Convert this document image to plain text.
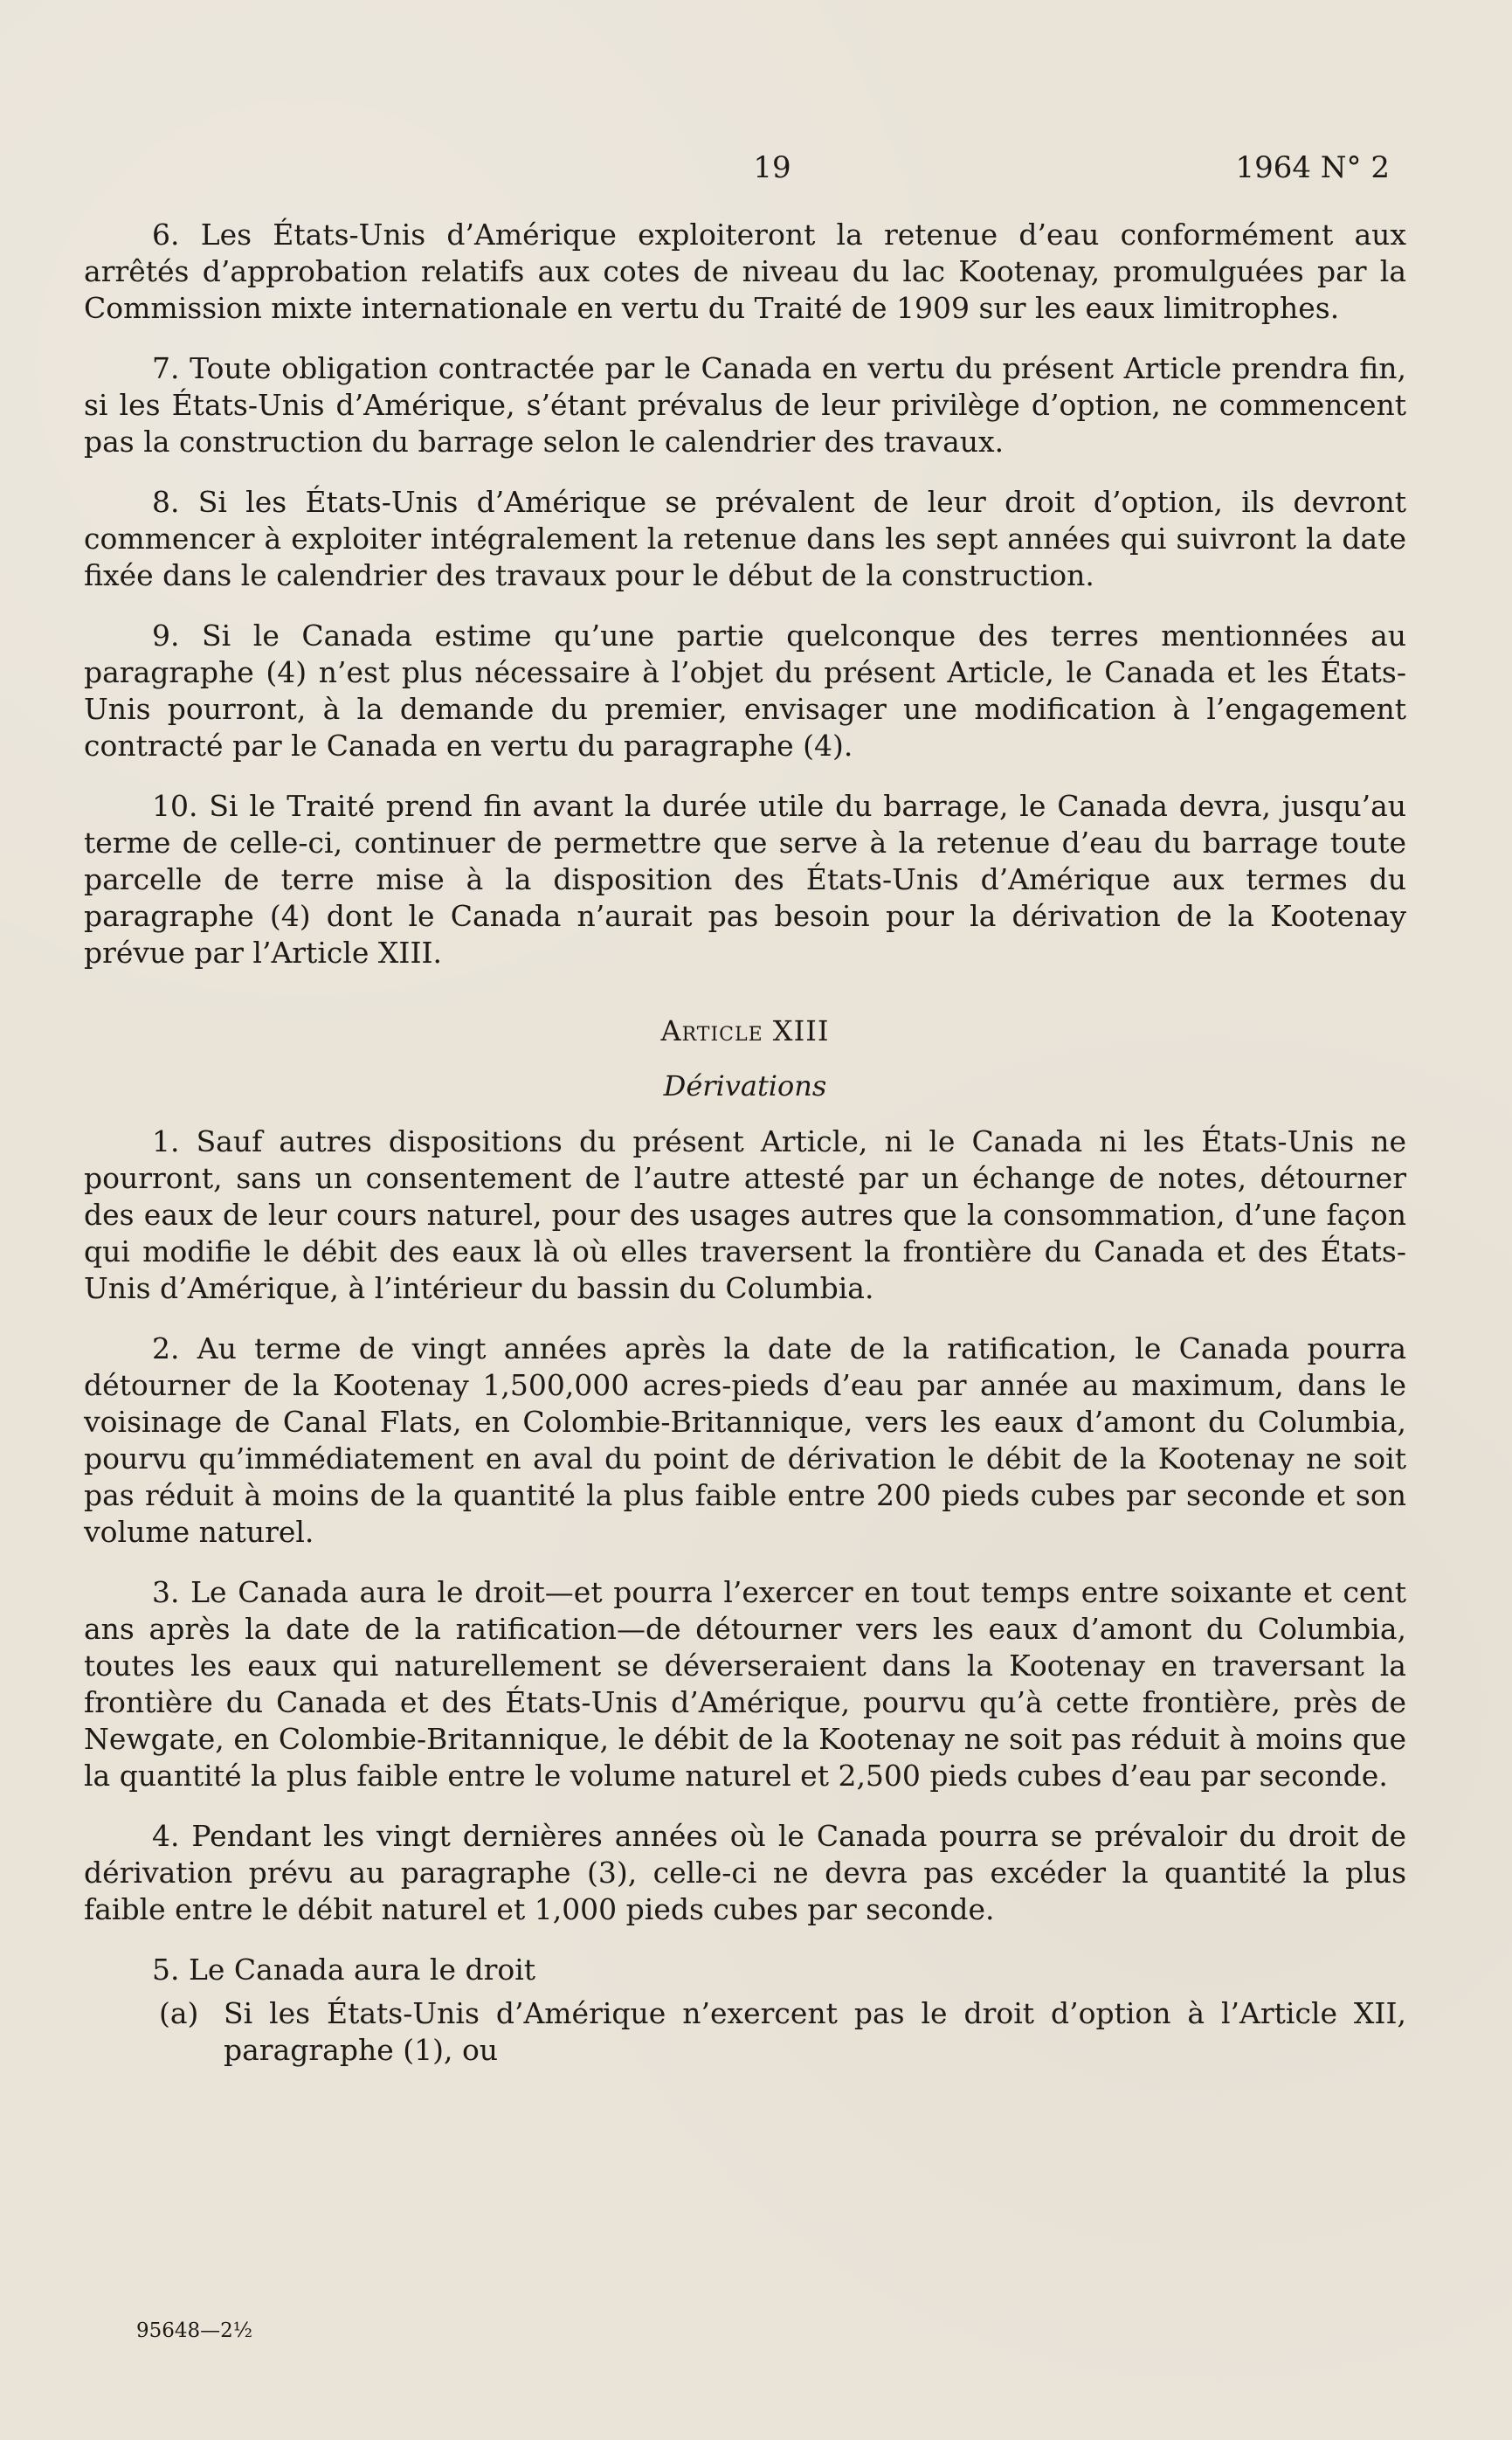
19	1964 N° 2

6. Les États-Unis d’Amérique exploiteront la retenue d’eau conformément aux arrêtés d’approbation relatifs aux cotes de niveau du lac Kootenay, promulguées par la Commission mixte internationale en vertu du Traité de 1909 sur les eaux limitrophes.

7. Toute obligation contractée par le Canada en vertu du présent Article prendra fin, si les États-Unis d’Amérique, s’étant prévalus de leur privilège d’option, ne commencent pas la construction du barrage selon le calendrier des travaux.

8. Si les États-Unis d’Amérique se prévalent de leur droit d’option, ils devront commencer à exploiter intégralement la retenue dans les sept années qui suivront la date fixée dans le calendrier des travaux pour le début de la construction.

9. Si le Canada estime qu’une partie quelconque des terres mentionnées au paragraphe (4) n’est plus nécessaire à l’objet du présent Article, le Canada et les États-Unis pourront, à la demande du premier, envisager une modification à l’engagement contracté par le Canada en vertu du paragraphe (4).

10. Si le Traité prend fin avant la durée utile du barrage, le Canada devra, jusqu’au terme de celle-ci, continuer de permettre que serve à la retenue d’eau du barrage toute parcelle de terre mise à la disposition des États-Unis d’Amérique aux termes du paragraphe (4) dont le Canada n’aurait pas besoin pour la dérivation de la Kootenay prévue par l’Article XIII.

Article XIII
Dérivations

1. Sauf autres dispositions du présent Article, ni le Canada ni les États-Unis ne pourront, sans un consentement de l’autre attesté par un échange de notes, détourner des eaux de leur cours naturel, pour des usages autres que la consommation, d’une façon qui modifie le débit des eaux là où elles traversent la frontière du Canada et des États-Unis d’Amérique, à l’intérieur du bassin du Columbia.

2. Au terme de vingt années après la date de la ratification, le Canada pourra détourner de la Kootenay 1,500,000 acres-pieds d’eau par année au maximum, dans le voisinage de Canal Flats, en Colombie-Britannique, vers les eaux d’amont du Columbia, pourvu qu’immédiatement en aval du point de dérivation le débit de la Kootenay ne soit pas réduit à moins de la quantité la plus faible entre 200 pieds cubes par seconde et son volume naturel.

3. Le Canada aura le droit—et pourra l’exercer en tout temps entre soixante et cent ans après la date de la ratification—de détourner vers les eaux d’amont du Columbia, toutes les eaux qui naturellement se déverseraient dans la Kootenay en traversant la frontière du Canada et des États-Unis d’Amérique, pourvu qu’à cette frontière, près de Newgate, en Colombie-Britannique, le débit de la Kootenay ne soit pas réduit à moins que la quantité la plus faible entre le volume naturel et 2,500 pieds cubes d’eau par seconde.

4. Pendant les vingt dernières années où le Canada pourra se prévaloir du droit de dérivation prévu au paragraphe (3), celle-ci ne devra pas excéder la quantité la plus faible entre le débit naturel et 1,000 pieds cubes par seconde.

5. Le Canada aura le droit

(a) Si les États-Unis d’Amérique n’exercent pas le droit d’option à l’Article XII, paragraphe (1), ou
95648—2½
